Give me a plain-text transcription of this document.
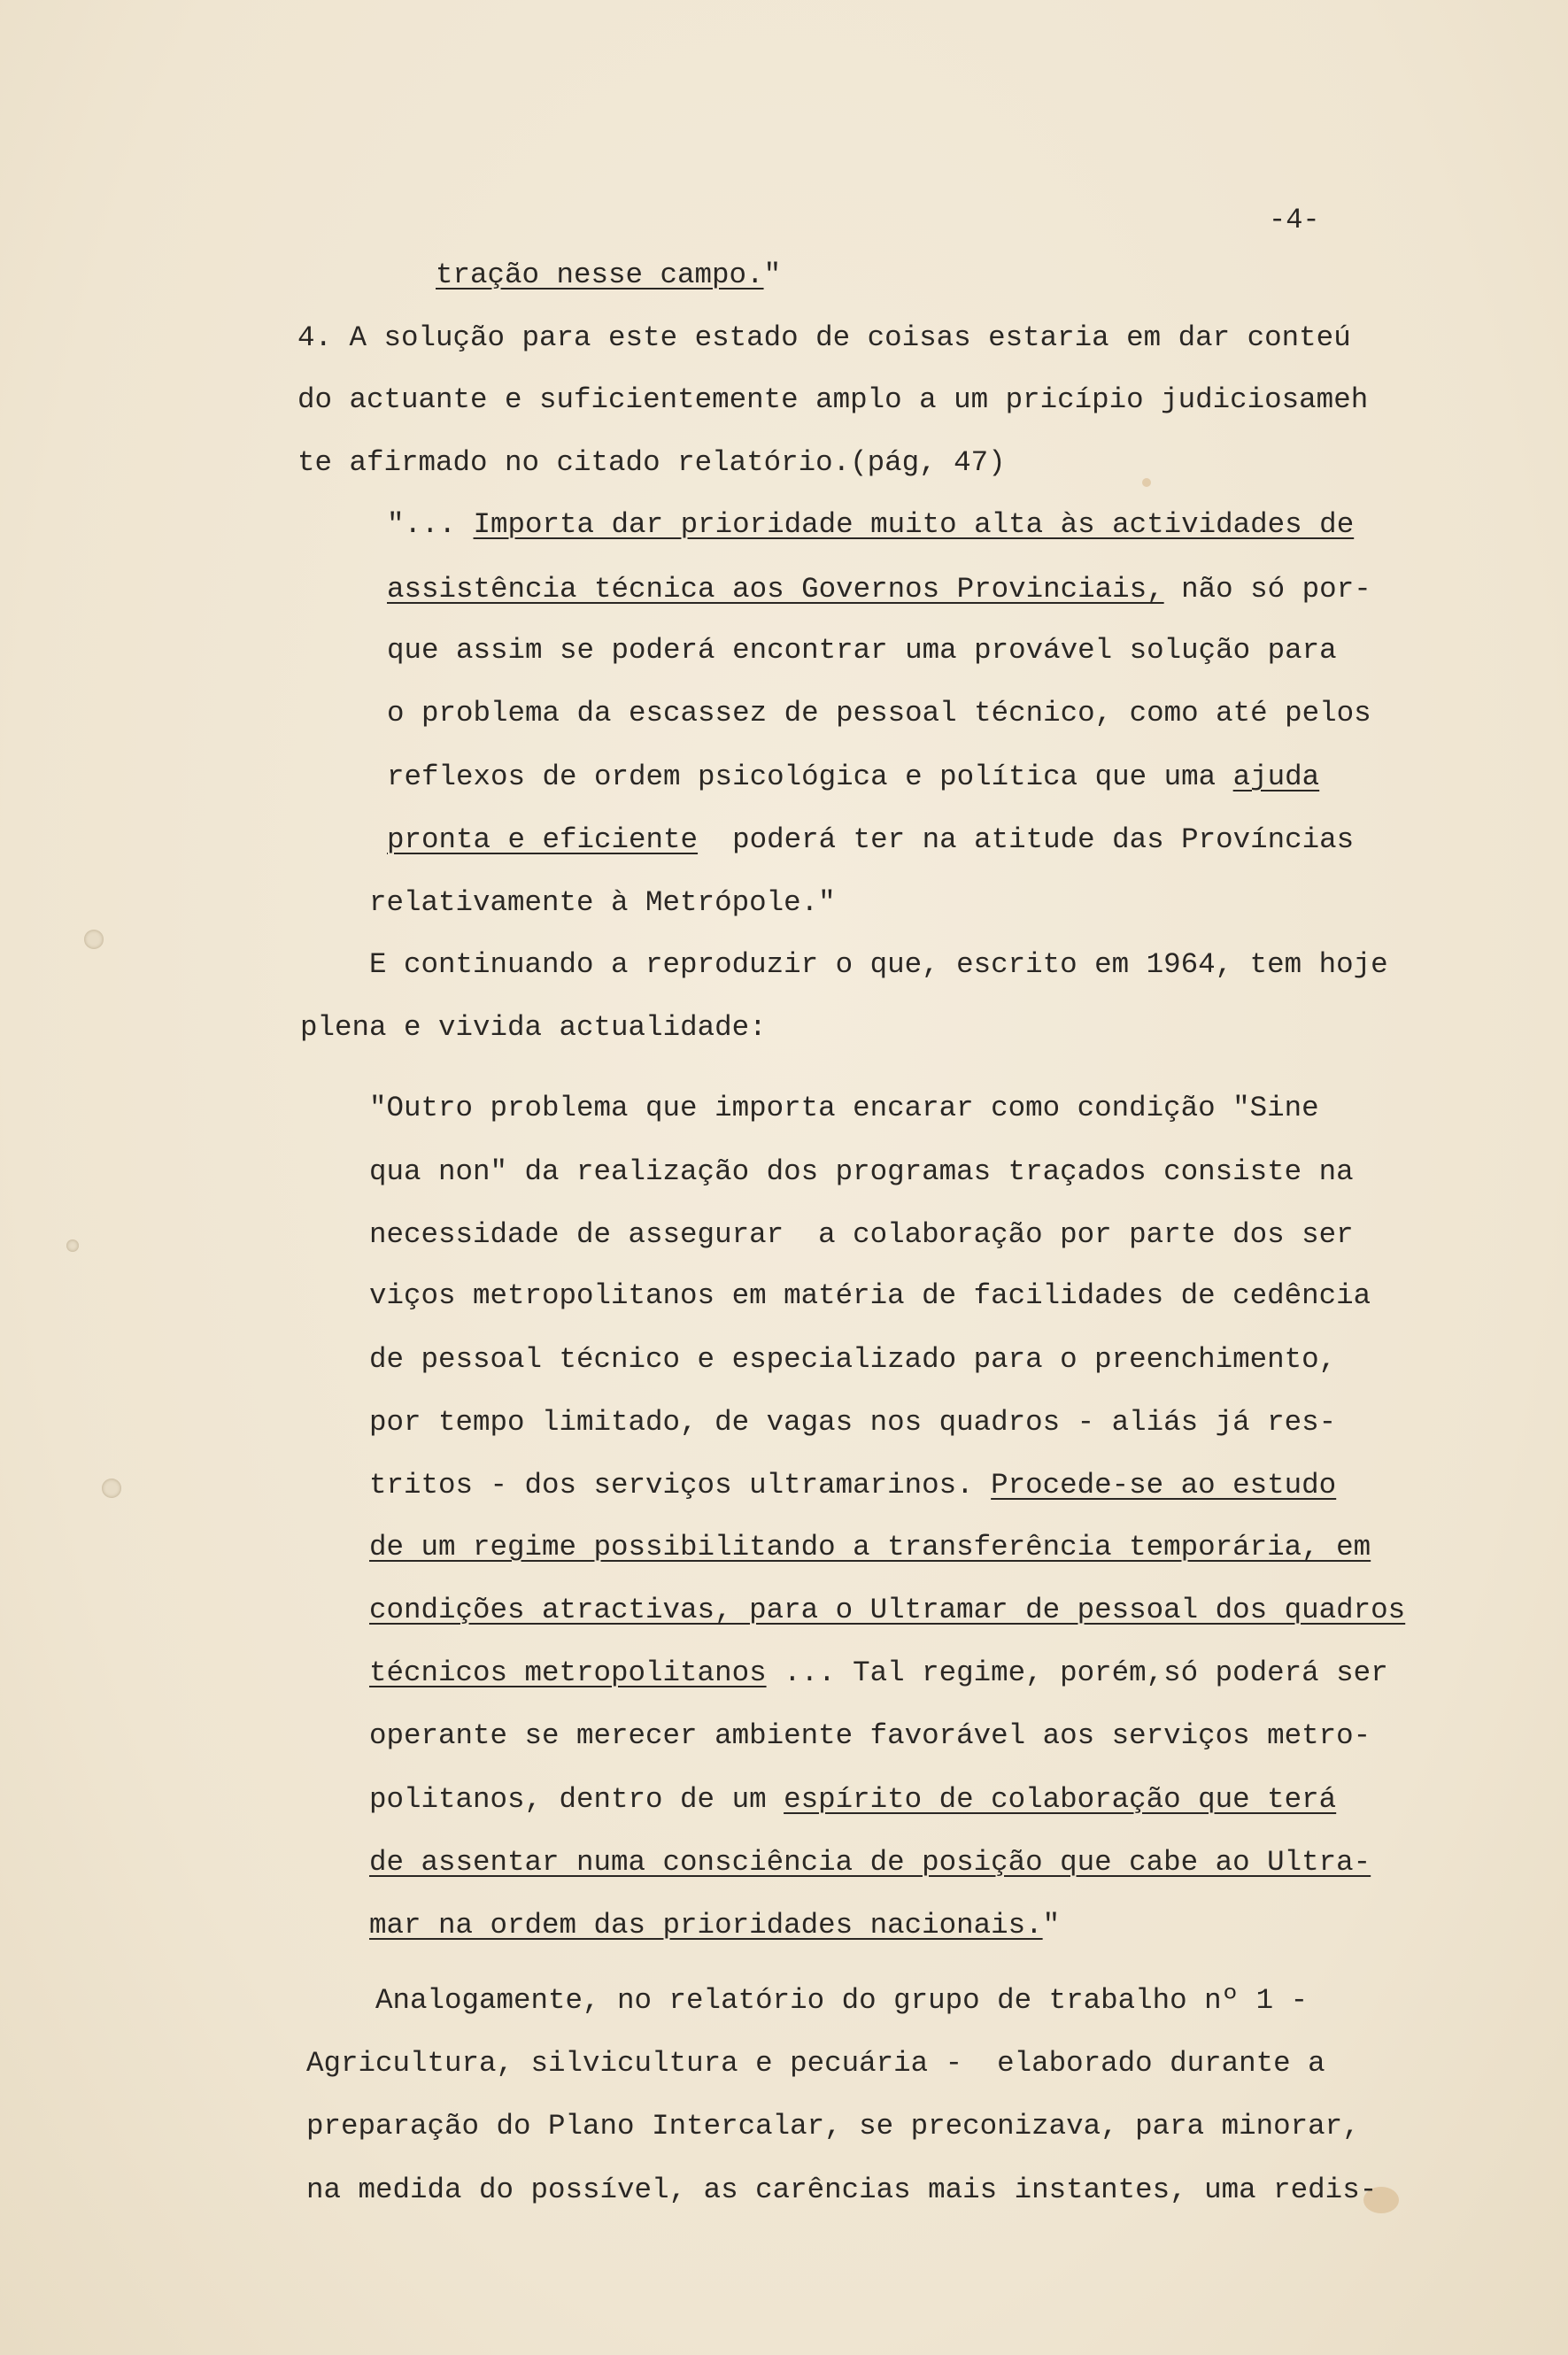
-4-
tração nesse campo."
4. A solução para este estado de coisas estaria em dar conteú
do actuante e suficientemente amplo a um pricípio judiciosameh
te afirmado no citado relatório.(pág, 47)
"... Importa dar prioridade muito alta às actividades de
assistência técnica aos Governos Provinciais, não só por-
que assim se poderá encontrar uma provável solução para
o problema da escassez de pessoal técnico, como até pelos
reflexos de ordem psicológica e política que uma ajuda
pronta e eficiente  poderá ter na atitude das Províncias
relativamente à Metrópole."
E continuando a reproduzir o que, escrito em 1964, tem hoje
plena e vivida actualidade:
"Outro problema que importa encarar como condição "Sine
qua non" da realização dos programas traçados consiste na
necessidade de assegurar  a colaboração por parte dos ser
viços metropolitanos em matéria de facilidades de cedência
de pessoal técnico e especializado para o preenchimento,
por tempo limitado, de vagas nos quadros - aliás já res-
tritos - dos serviços ultramarinos. Procede-se ao estudo
de um regime possibilitando a transferência temporária, em
condições atractivas, para o Ultramar de pessoal dos quadros
técnicos metropolitanos ... Tal regime, porém,só poderá ser
operante se merecer ambiente favorável aos serviços metro-
politanos, dentro de um espírito de colaboração que terá
de assentar numa consciência de posição que cabe ao Ultra-
mar na ordem das prioridades nacionais."
Analogamente, no relatório do grupo de trabalho nº 1 -
Agricultura, silvicultura e pecuária -  elaborado durante a
preparação do Plano Intercalar, se preconizava, para minorar,
na medida do possível, as carências mais instantes, uma redis-
